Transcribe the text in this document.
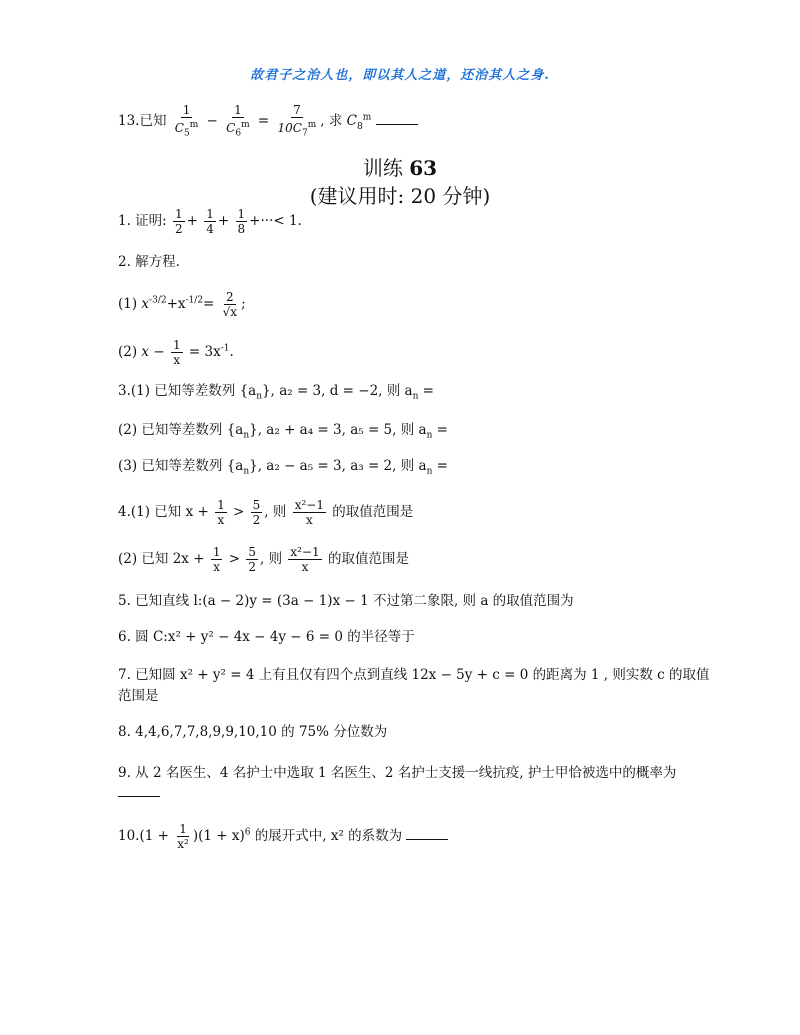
故君子之治人也，即以其人之道，还治其人之身.
13.已知 $\frac{1}{C_5^m} - \frac{1}{C_6^m} = \frac{7}{10C_7^m}$ , 求 $C_8^m$
训练 63
(建议用时: 20 分钟)
1. 证明: $\frac{1}{2} + \frac{1}{4} + \frac{1}{8}$ +···< 1.
2. 解方程.
(1) $x^{-3/2}+x^{-1/2}= \frac{2}{√x}$ ;
(2) $x - \frac{1}{x} = 3x^{-1}$.
3.(1) 已知等差数列 $\{a_n\}$, a₂ = 3, d = −2, 则 $a_n$ =
(2) 已知等差数列 $\{a_n\}$, a₂ + a₄ = 3, a₅ = 5, 则 $a_n$ =
(3) 已知等差数列 $\{a_n\}$, a₂ − a₅ = 3, a₃ = 2, 则 $a_n$ =
4.(1) 已知 $x + \frac{1}{x} > \frac{5}{2}$ , 则 $\frac{\text{x²−1}}{x}$ 的取值范围是
(2) 已知 $2x + \frac{1}{x} > \frac{5}{2}$ , 则 $\frac{\text{x²−1}}{x}$ 的取值范围是
5. 已知直线 l:(a − 2)y = (3a − 1)x − 1 不过第二象限, 则 a 的取值范围为
6. 圆 C:x² + y² − 4x − 4y − 6 = 0 的半径等于
7. 已知圆 x² + y² = 4 上有且仅有四个点到直线 12x − 5y + c = 0 的距离为 1 , 则实数 c 的取值
范围是
8. 4,4,6,7,7,8,9,9,10,10 的 75% 分位数为
9. 从 2 名医生、4 名护士中选取 1 名医生、2 名护士支援一线抗疫, 护士甲恰被选中的概率为
$10.(1 + \frac{1}{\text{x²}} )(1 + x)^6$ 的展开式中, x² 的系数为
